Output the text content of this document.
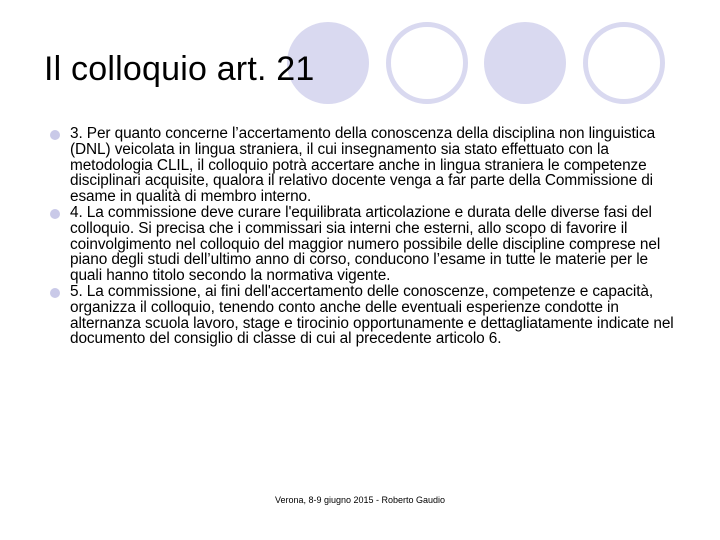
Il colloquio art. 21
3. Per quanto concerne l’accertamento della conoscenza della disciplina non linguistica (DNL) veicolata in lingua straniera, il cui insegnamento sia stato effettuato con la metodologia CLIL, il colloquio potrà accertare anche in lingua straniera le competenze disciplinari acquisite, qualora il relativo docente venga a far parte della Commissione di esame in qualità di membro interno.
4. La commissione deve curare l'equilibrata articolazione e durata delle diverse fasi del colloquio. Si precisa che i commissari sia interni che esterni, allo scopo di favorire il coinvolgimento nel colloquio del maggior numero possibile delle discipline comprese nel piano degli studi dell’ultimo anno di corso, conducono l’esame in tutte le materie per le quali hanno titolo secondo la normativa vigente.
5. La commissione, ai fini dell'accertamento delle conoscenze, competenze e capacità, organizza il colloquio, tenendo conto anche delle eventuali esperienze condotte in alternanza scuola lavoro, stage e tirocinio opportunamente e dettagliatamente indicate nel documento del consiglio di classe di cui al precedente articolo 6.
Verona, 8-9 giugno 2015 - Roberto Gaudio
